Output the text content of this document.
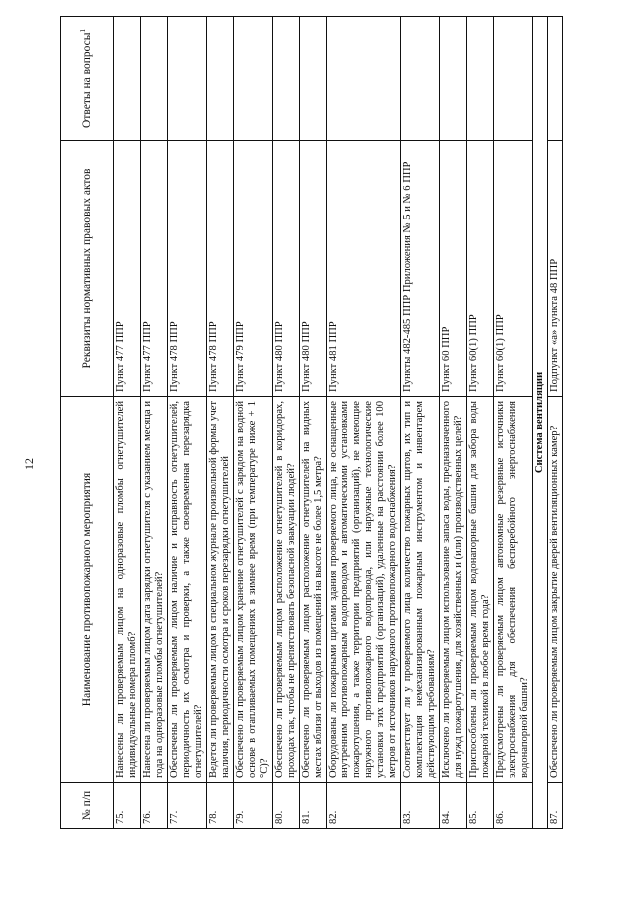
12
№ п/п	Наименование противопожарного мероприятия	Реквизиты нормативных правовых актов	Ответы на вопросы$^1$
75.	Нанесены ли проверяемым лицом на одноразовые пломбы огнетушителей индивидуальные номера пломб?	Пункт 477 ППР	
76.	Нанесена ли проверяемым лицом дата зарядки огнетушителя с указанием месяца и года на одноразовые пломбы огнетушителей?	Пункт 477 ППР	
77.	Обеспечены ли проверяемым лицом наличие и исправность огнетушителей, периодичность их осмотра и проверки, а также своевременная перезарядка огнетушителей?	Пункт 478 ППР	
78.	Ведется ли проверяемым лицом в специальном журнале произвольной формы учет наличия, периодичности осмотра и сроков перезарядки огнетушителей	Пункт 478 ППР	
79.	Обеспечено ли проверяемым лицом хранение огнетушителей с зарядом на водной основе в отапливаемых помещениях в зимнее время (при температуре ниже + 1 °С)?	Пункт 479 ППР	
80.	Обеспечено ли проверяемым лицом расположение огнетушителей в коридорах, проходах так, чтобы не препятствовать безопасной эвакуации людей?	Пункт 480 ППР	
81.	Обеспечено ли проверяемым лицом расположение огнетушителей на видных местах вблизи от выходов из помещений на высоте не более 1,5 метра?	Пункт 480 ППР	
82.	Оборудованы ли пожарными щитами здания проверяемого лица, не оснащенные внутренним противопожарным водопроводом и автоматическими установками пожаротушения, а также территории предприятий (организаций), не имеющие наружного противопожарного водопровода, или наружные технологические установки этих предприятий (организаций), удаленные на расстоянии более 100 метров от источников наружного противопожарного водоснабжения?	Пункт 481 ППР	
83.	Соответствует ли у проверяемого лица количество пожарных щитов, их тип и комплектация немеханизированным пожарным инструментом и инвентарем действующим требованиям?	Пункты 482-485 ППР Приложения № 5 и № 6 ППР	
84.	Исключено ли проверяемым лицом использование запаса воды, предназначенного для нужд пожаротушения, для хозяйственных и (или) производственных целей?	Пункт 60 ППР	
85.	Приспособлены ли проверяемым лицом водонапорные башни для забора воды пожарной техникой в любое время года?	Пункт 60(1) ППР	
86.	Предусмотрены ли проверяемым лицом автономные резервные источники электроснабжения для обеспечения бесперебойного энергоснабжения водонапорной башни?	Пункт 60(1) ППР	
Система вентиляции			
87.	Обеспечено ли проверяемым лицом закрытие дверей вентиляционных камер?	Подпункт «а» пункта 48 ППР	
